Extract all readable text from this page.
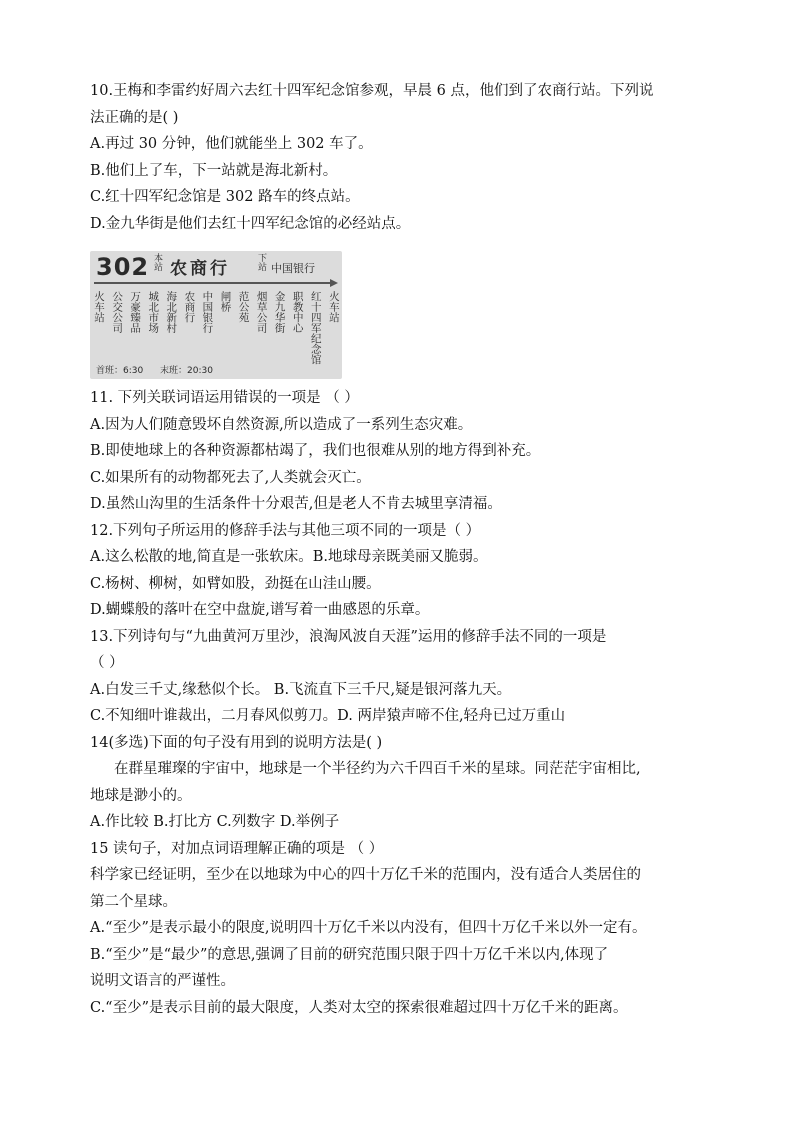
10.王梅和李雷约好周六去红十四军纪念馆参观，早晨 6 点，他们到了农商行站。下列说
法正确的是( )
A.再过 30 分钟，他们就能坐上 302 车了。
B.他们上了车，下一站就是海北新村。
C.红十四军纪念馆是 302 路车的终点站。
D.金九华街是他们去红十四军纪念馆的必经站点。
302 本站 农商行	下站 中国银行
火车站 公交公司 万豪臻品 城北市场 海北新村 农商行 中国银行 闸桥 范公苑 烟草公司 金九华街 职教中心 红十四军纪念馆 火车站
首班：6:30 末班：20:30
11. 下列关联词语运用错误的一项是 （ ）
A.因为人们随意毁坏自然资源,所以造成了一系列生态灾难。
B.即使地球上的各种资源都枯竭了，我们也很难从别的地方得到补充。
C.如果所有的动物都死去了,人类就会灭亡。
D.虽然山沟里的生活条件十分艰苦,但是老人不肯去城里享清福。
12.下列句子所运用的修辞手法与其他三项不同的一项是（ ）
A.这么松散的地,简直是一张软床。B.地球母亲既美丽又脆弱。
C.杨树、柳树，如臂如股，劲挺在山洼山腰。
D.蝴蝶般的落叶在空中盘旋,谱写着一曲感恩的乐章。
13.下列诗句与“九曲黄河万里沙，浪淘风波自天涯”运用的修辞手法不同的一项是
（ ）
A.白发三千丈,缘愁似个长。 B.飞流直下三千尺,疑是银河落九天。
C.不知细叶谁裁出，二月春风似剪刀。D. 两岸猿声啼不住,轻舟已过万重山
14(多选)下面的句子没有用到的说明方法是( )
在群星璀璨的宇宙中，地球是一个半径约为六千四百千米的星球。同茫茫宇宙相比,
地球是渺小的。
A.作比较 B.打比方 C.列数字 D.举例子
15 读句子，对加点词语理解正确的项是 （ ）
科学家已经证明，至少在以地球为中心的四十万亿千米的范围内，没有适合人类居住的
第二个星球。
A.“至少”是表示最小的限度,说明四十万亿千米以内没有，但四十万亿千米以外一定有。
B.“至少”是“最少”的意思,强调了目前的研究范围只限于四十万亿千米以内,体现了
说明文语言的严谨性。
C.“至少”是表示目前的最大限度，人类对太空的探索很难超过四十万亿千米的距离。
